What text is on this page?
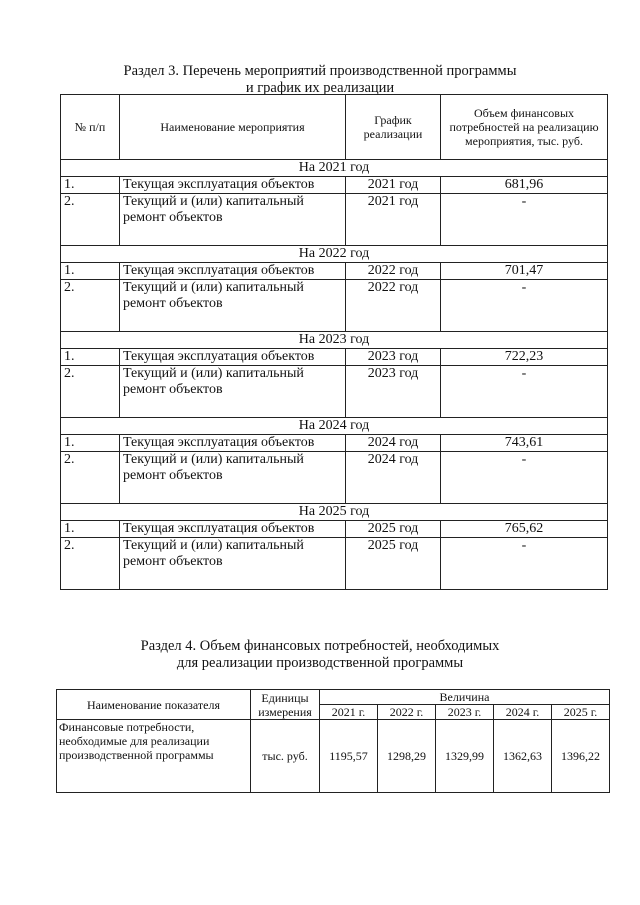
Раздел 3. Перечень мероприятий производственной программы
и график их реализации
№ п/п	Наименование мероприятия	График реализации	Объем финансовых потребностей на реализацию мероприятия, тыс. руб.
На 2021 год			
1.	Текущая эксплуатация объектов	2021 год	681,96
2.	Текущий и (или) капитальный ремонт объектов	2021 год	-
На 2022 год			
1.	Текущая эксплуатация объектов	2022 год	701,47
2.	Текущий и (или) капитальный ремонт объектов	2022 год	-
На 2023 год			
1.	Текущая эксплуатация объектов	2023 год	722,23
2.	Текущий и (или) капитальный ремонт объектов	2023 год	-
На 2024 год			
1.	Текущая эксплуатация объектов	2024 год	743,61
2.	Текущий и (или) капитальный ремонт объектов	2024 год	-
На 2025 год			
1.	Текущая эксплуатация объектов	2025 год	765,62
2.	Текущий и (или) капитальный ремонт объектов	2025 год	-
Раздел 4. Объем финансовых потребностей, необходимых
для реализации производственной программы
Наименование показателя	Единицы измерения	Величина				
		2021 г.	2022 г.	2023 г.	2024 г.	2025 г.
Финансовые потребности, необходимые для реализации производственной программы	тыс. руб.	1195,57	1298,29	1329,99	1362,63	1396,22
